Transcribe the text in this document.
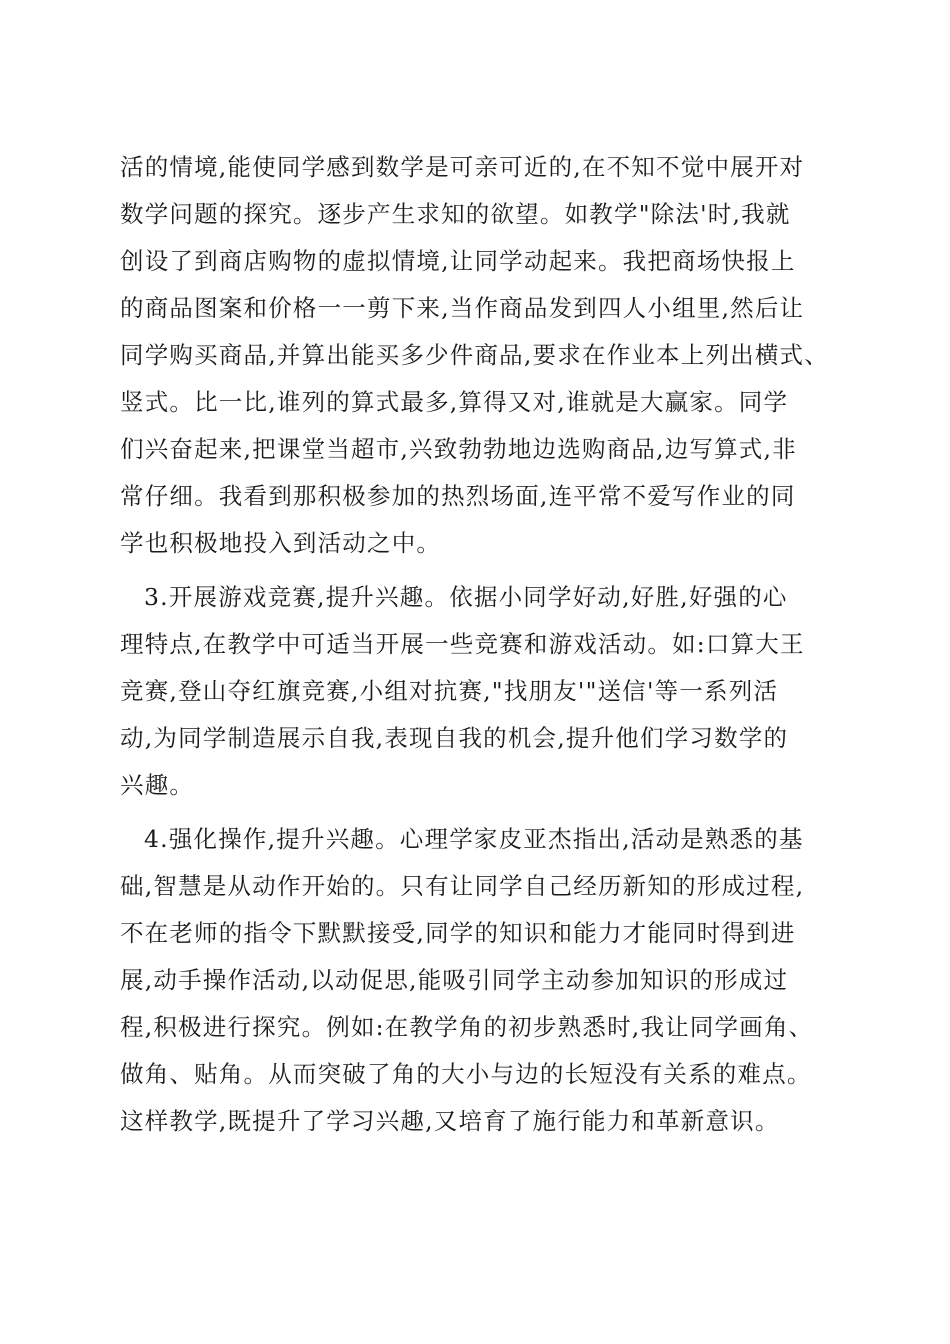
活的情境,能使同学感到数学是可亲可近的,在不知不觉中展开对
数学问题的探究。逐步产生求知的欲望。如教学"除法'时,我就
创设了到商店购物的虚拟情境,让同学动起来。我把商场快报上
的商品图案和价格一一剪下来,当作商品发到四人小组里,然后让
同学购买商品,并算出能买多少件商品,要求在作业本上列出横式、
竖式。比一比,谁列的算式最多,算得又对,谁就是大赢家。同学
们兴奋起来,把课堂当超市,兴致勃勃地边选购商品,边写算式,非
常仔细。我看到那积极参加的热烈场面,连平常不爱写作业的同
学也积极地投入到活动之中。
3.开展游戏竞赛,提升兴趣。依据小同学好动,好胜,好强的心
理特点,在教学中可适当开展一些竞赛和游戏活动。如:口算大王
竞赛,登山夺红旗竞赛,小组对抗赛,"找朋友'"送信'等一系列活
动,为同学制造展示自我,表现自我的机会,提升他们学习数学的
兴趣。
4.强化操作,提升兴趣。心理学家皮亚杰指出,活动是熟悉的基
础,智慧是从动作开始的。只有让同学自己经历新知的形成过程,
不在老师的指令下默默接受,同学的知识和能力才能同时得到进
展,动手操作活动,以动促思,能吸引同学主动参加知识的形成过
程,积极进行探究。例如:在教学角的初步熟悉时,我让同学画角、
做角、贴角。从而突破了角的大小与边的长短没有关系的难点。
这样教学,既提升了学习兴趣,又培育了施行能力和革新意识。
